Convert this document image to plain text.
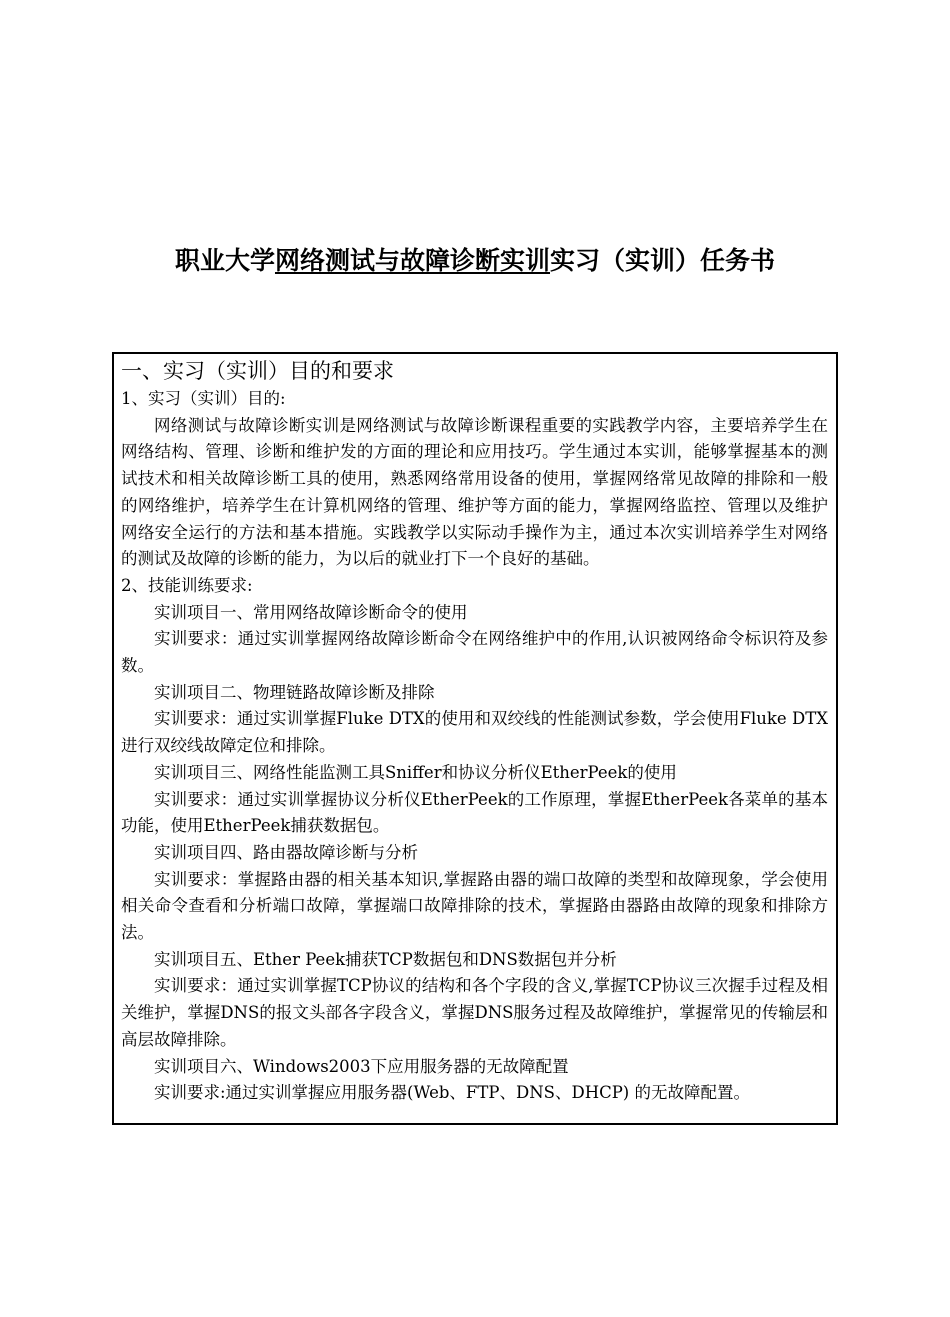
职业大学网络测试与故障诊断实训实习（实训）任务书

一、实习（实训）目的和要求

1、实习（实训）目的:

网络测试与故障诊断实训是网络测试与故障诊断课程重要的实践教学内容，主要培养学生在网络结构、管理、诊断和维护发的方面的理论和应用技巧。学生通过本实训，能够掌握基本的测试技术和相关故障诊断工具的使用，熟悉网络常用设备的使用，掌握网络常见故障的排除和一般的网络维护，培养学生在计算机网络的管理、维护等方面的能力，掌握网络监控、管理以及维护网络安全运行的方法和基本措施。实践教学以实际动手操作为主，通过本次实训培养学生对网络的测试及故障的诊断的能力，为以后的就业打下一个良好的基础。

2、技能训练要求:

实训项目一、常用网络故障诊断命令的使用

实训要求：通过实训掌握网络故障诊断命令在网络维护中的作用,认识被网络命令标识符及参数。

实训项目二、物理链路故障诊断及排除

实训要求：通过实训掌握Fluke DTX的使用和双绞线的性能测试参数，学会使用Fluke DTX进行双绞线故障定位和排除。

实训项目三、网络性能监测工具Sniffer和协议分析仪EtherPeek的使用

实训要求：通过实训掌握协议分析仪EtherPeek的工作原理，掌握EtherPeek各菜单的基本功能，使用EtherPeek捕获数据包。

实训项目四、路由器故障诊断与分析

实训要求：掌握路由器的相关基本知识,掌握路由器的端口故障的类型和故障现象，学会使用相关命令查看和分析端口故障，掌握端口故障排除的技术，掌握路由器路由故障的现象和排除方法。

实训项目五、Ether Peek捕获TCP数据包和DNS数据包并分析

实训要求：通过实训掌握TCP协议的结构和各个字段的含义,掌握TCP协议三次握手过程及相关维护，掌握DNS的报文头部各字段含义，掌握DNS服务过程及故障维护，掌握常见的传输层和高层故障排除。

实训项目六、Windows2003下应用服务器的无故障配置

实训要求:通过实训掌握应用服务器(Web、FTP、DNS、DHCP) 的无故障配置。
